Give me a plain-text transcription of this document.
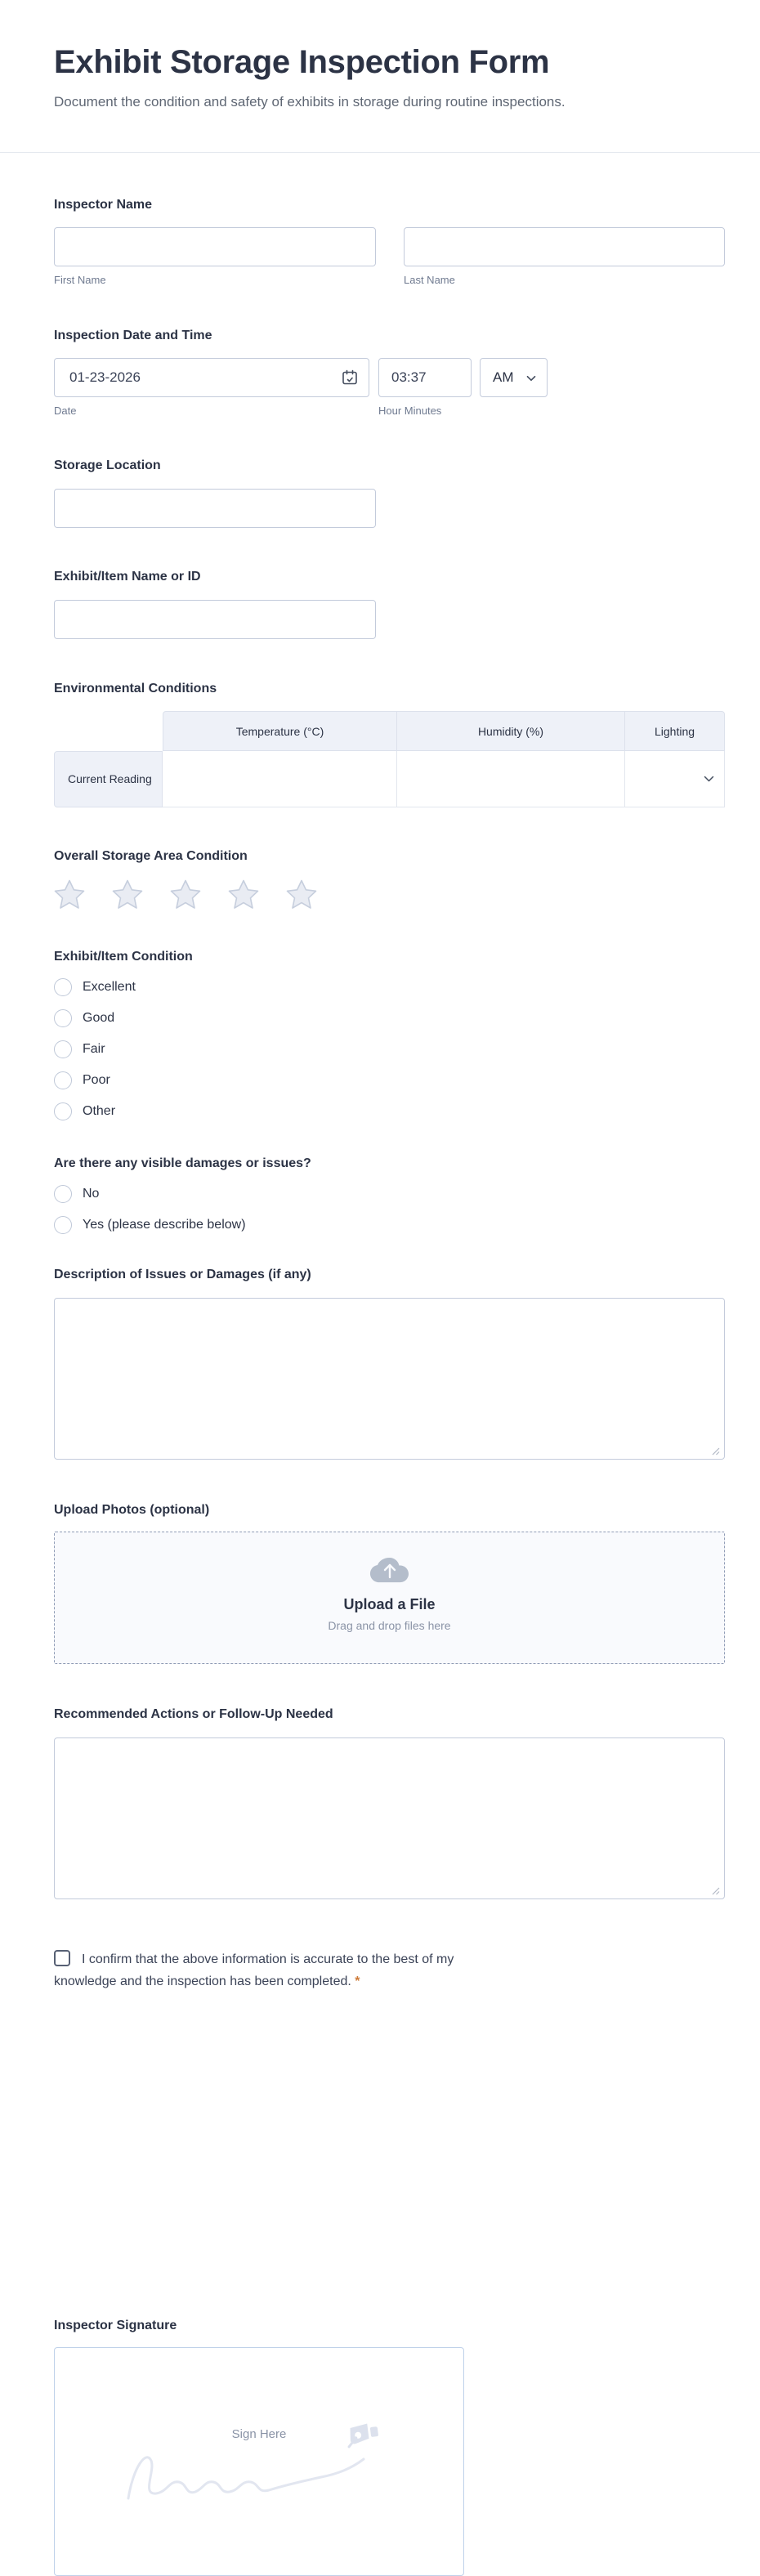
Exhibit Storage Inspection Form

Document the condition and safety of exhibits in storage during routine inspections.

Inspector Name
First Name	Last Name
Inspection Date and Time
01-23-2026
Date
03:37	Hour Minutes
AM
Storage Location
Exhibit/Item Name or ID
Environmental Conditions
Temperature (°C)	Humidity (%)	Lighting
Current Reading
Overall Storage Area Condition
Exhibit/Item Condition
Excellent
Good
Fair
Poor
Other
Are there any visible damages or issues?
No
Yes (please describe below)
Description of Issues or Damages (if any)
Upload Photos (optional)
Upload a File
Drag and drop files here
Recommended Actions or Follow-Up Needed
I confirm that the above information is accurate to the best of my
knowledge and the inspection has been completed. *
Inspector Signature
Sign Here
